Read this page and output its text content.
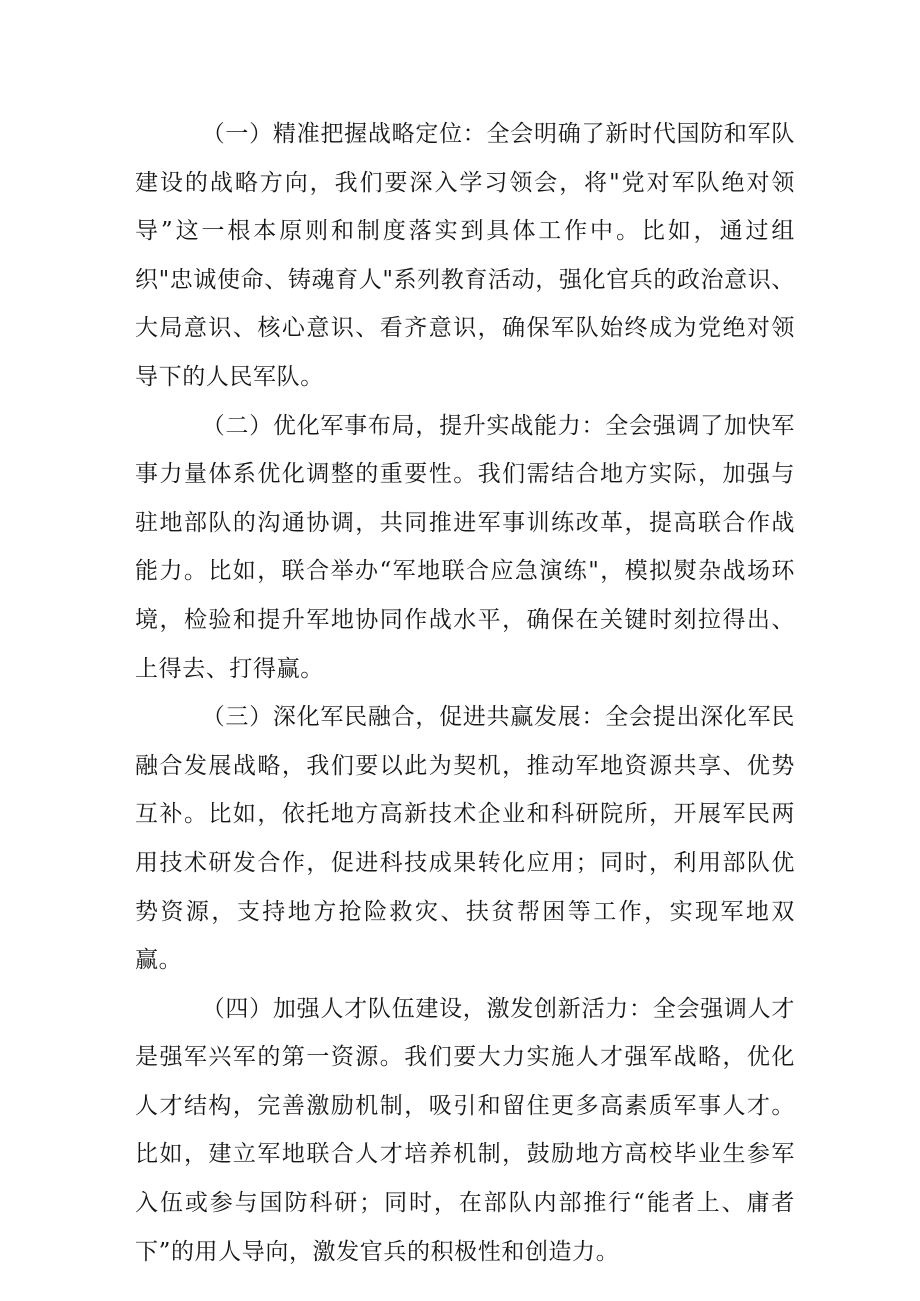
（一）精准把握战略定位：全会明确了新时代国防和军队建设的战略方向，我们要深入学习领会，将"党对军队绝对领导”这一根本原则和制度落实到具体工作中。比如，通过组织"忠诚使命、铸魂育人"系列教育活动，强化官兵的政治意识、大局意识、核心意识、看齐意识，确保军队始终成为党绝对领导下的人民军队。

（二）优化军事布局，提升实战能力：全会强调了加快军事力量体系优化调整的重要性。我们需结合地方实际，加强与驻地部队的沟通协调，共同推进军事训练改革，提高联合作战能力。比如，联合举办“军地联合应急演练"，模拟熨杂战场环境，检验和提升军地协同作战水平，确保在关键时刻拉得出、上得去、打得赢。

（三）深化军民融合，促进共赢发展：全会提出深化军民融合发展战略，我们要以此为契机，推动军地资源共享、优势互补。比如，依托地方高新技术企业和科研院所，开展军民两用技术研发合作，促进科技成果转化应用；同时，利用部队优势资源，支持地方抢险救灾、扶贫帮困等工作，实现军地双赢。

（四）加强人才队伍建设，激发创新活力：全会强调人才是强军兴军的第一资源。我们要大力实施人才强军战略，优化人才结构，完善激励机制，吸引和留住更多高素质军事人才。比如，建立军地联合人才培养机制，鼓励地方高校毕业生参军入伍或参与国防科研；同时，在部队内部推行“能者上、庸者下”的用人导向，激发官兵的积极性和创造力。
